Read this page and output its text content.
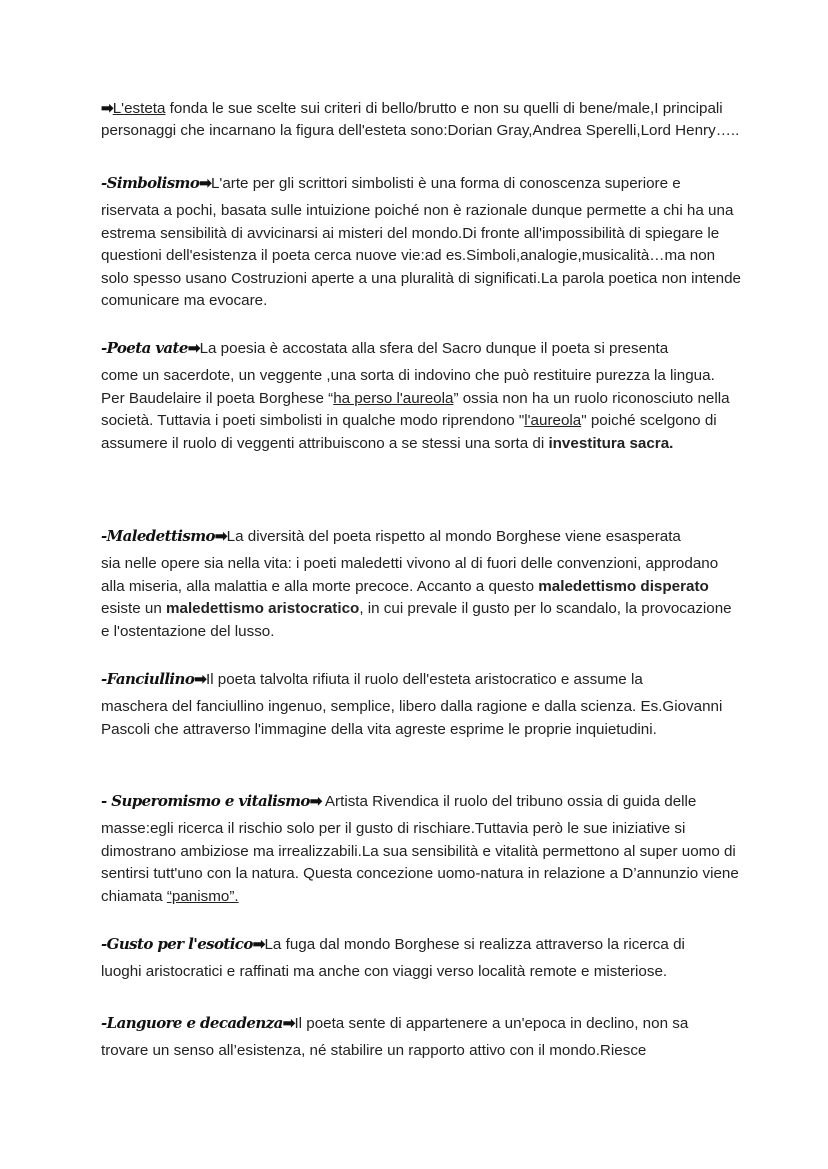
➡L'esteta fonda le sue scelte sui criteri di bello/brutto e non su quelli di bene/male,I principali personaggi che incarnano la figura dell'esteta sono:Dorian Gray,Andrea Sperelli,Lord Henry…..

-Simbolismo➡L'arte per gli scrittori simbolisti è una forma di conoscenza superiore e
riservata a pochi, basata sulle intuizione poiché non è razionale dunque permette a chi ha una estrema sensibilità di avvicinarsi ai misteri del mondo.Di fronte all'impossibilità di spiegare le questioni dell'esistenza il poeta cerca nuove vie:ad es.Simboli,analogie,musicalità…ma non solo spesso usano Costruzioni aperte a una pluralità di significati.La parola poetica non intende comunicare ma evocare.

-Poeta vate➡La poesia è accostata alla sfera del Sacro dunque il poeta si presenta
come un sacerdote, un veggente ,una sorta di indovino che può restituire purezza la lingua.

Per Baudelaire il poeta Borghese “ha perso l'aureola” ossia non ha un ruolo riconosciuto nella società. Tuttavia i poeti simbolisti in qualche modo riprendono "l'aureola" poiché scelgono di assumere il ruolo di veggenti attribuiscono a se stessi una sorta di investitura sacra.

-Maledettismo➡La diversità del poeta rispetto al mondo Borghese viene esasperata
sia nelle opere sia nella vita: i poeti maledetti vivono al di fuori delle convenzioni, approdano alla miseria, alla malattia e alla morte precoce. Accanto a questo maledettismo disperato esiste un maledettismo aristocratico, in cui prevale il gusto per lo scandalo, la provocazione e l'ostentazione del lusso.

-Fanciullino➡Il poeta talvolta rifiuta il ruolo dell'esteta aristocratico e assume la
maschera del fanciullino ingenuo, semplice, libero dalla ragione e dalla scienza. Es.Giovanni Pascoli che attraverso l'immagine della vita agreste esprime le proprie inquietudini.

- Superomismo e vitalismo➡ Artista Rivendica il ruolo del tribuno ossia di guida delle
masse:egli ricerca il rischio solo per il gusto di rischiare.Tuttavia però le sue iniziative si dimostrano ambiziose ma irrealizzabili.La sua sensibilità e vitalità permettono al super uomo di sentirsi tutt'uno con la natura. Questa concezione uomo-natura in relazione a D’annunzio viene chiamata “panismo”.

-Gusto per l'esotico➡La fuga dal mondo Borghese si realizza attraverso la ricerca di
luoghi aristocratici e raffinati ma anche con viaggi verso località remote e misteriose.

-Languore e decadenza➡Il poeta sente di appartenere a un'epoca in declino, non sa
trovare un senso all’esistenza, né stabilire un rapporto attivo con il mondo.Riesce
